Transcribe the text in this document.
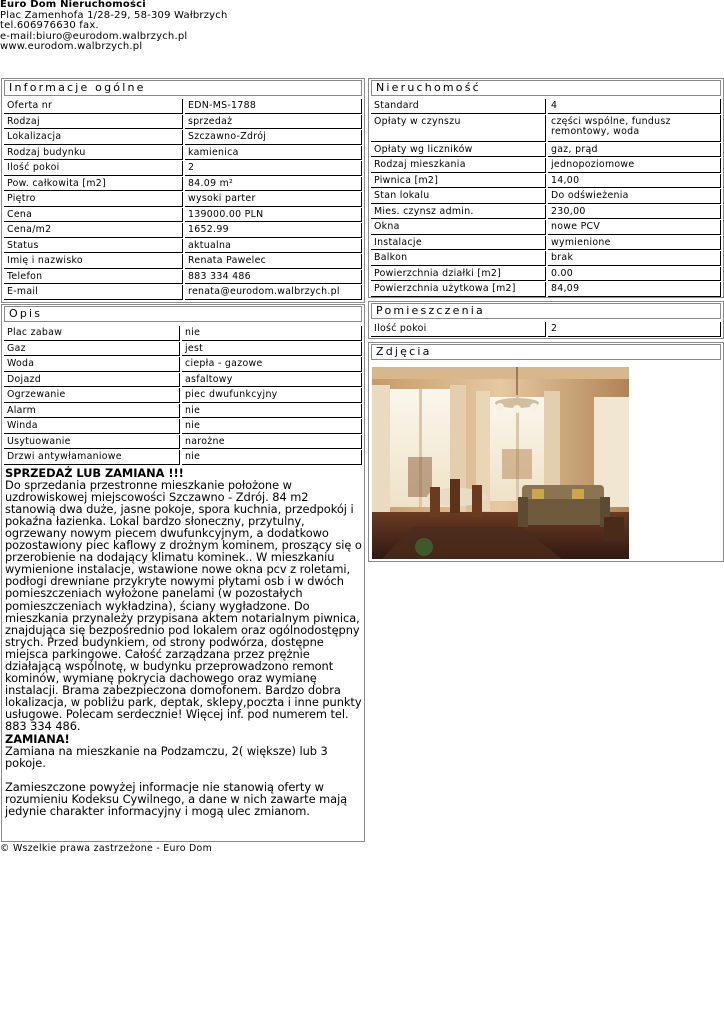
Euro Dom Nieruchomości
Plac Zamenhofa 1/28-29, 58-309 Wałbrzych
tel.606976630 fax.
e-mail:biuro@eurodom.walbrzych.pl
www.eurodom.walbrzych.pl
Informacje ogólne
Oferta nr	EDN-MS-1788
Rodzaj	sprzedaż
Lokalizacja	Szczawno-Zdrój
Rodzaj budynku	kamienica
Ilość pokoi	2
Pow. całkowita [m2]	84.09 m²
Piętro	wysoki parter
Cena	139000.00 PLN
Cena/m2	1652.99
Status	aktualna
Imię i nazwisko	Renata Pawelec
Telefon	883 334 486
E-mail	renata@eurodom.walbrzych.pl
Opis
Plac zabaw	nie
Gaz	jest
Woda	ciepła - gazowe
Dojazd	asfaltowy
Ogrzewanie	piec dwufunkcyjny
Alarm	nie
Winda	nie
Usytuowanie	narożne
Drzwi antywłamaniowe	nie
SPRZEDAŻ LUB ZAMIANA !!!
Do sprzedania przestronne mieszkanie położone w uzdrowiskowej miejscowości Szczawno - Zdrój. 84 m2 stanowią dwa duże, jasne pokoje, spora kuchnia, przedpokój i pokaźna łazienka. Lokal bardzo słoneczny, przytulny, ogrzewany nowym piecem dwufunkcyjnym, a dodatkowo pozostawiony piec kaflowy z drożnym kominem, proszący się o przerobienie na dodający klimatu kominek.. W mieszkaniu wymienione instalacje, wstawione nowe okna pcv z roletami, podłogi drewniane przykryte nowymi płytami osb i w dwóch pomieszczeniach wyłożone panelami (w pozostałych pomieszczeniach wykładzina), ściany wygładzone. Do mieszkania przynależy przypisana aktem notarialnym piwnica, znajdująca się bezpośrednio pod lokalem oraz ogólnodostępny strych. Przed budynkiem, od strony podwórza, dostępne miejsca parkingowe. Całość zarządzana przez prężnie działającą wspólnotę, w budynku przeprowadzono remont kominów, wymianę pokrycia dachowego oraz wymianę instalacji. Brama zabezpieczona domofonem. Bardzo dobra lokalizacja, w pobliżu park, deptak, sklepy,poczta i inne punkty usługowe. Polecam serdecznie! Więcej inf. pod numerem tel. 883 334 486.
ZAMIANA!
Zamiana na mieszkanie na Podzamczu, 2( większe) lub 3 pokoje.
Zamieszczone powyżej informacje nie stanowią oferty w rozumieniu Kodeksu Cywilnego, a dane w nich zawarte mają jedynie charakter informacyjny i mogą ulec zmianom.
Nieruchomość
Standard	4
Opłaty w czynszu	części wspólne, fundusz remontowy, woda
Opłaty wg liczników	gaz, prąd
Rodzaj mieszkania	jednopoziomowe
Piwnica [m2]	14,00
Stan lokalu	Do odświeżenia
Mies. czynsz admin.	230,00
Okna	nowe PCV
Instalacje	wymienione
Balkon	brak
Powierzchnia działki [m2]	0.00
Powierzchnia użytkowa [m2]	84,09
Pomieszczenia
Ilość pokoi	2
Zdjęcia
© Wszelkie prawa zastrzeżone - Euro Dom
